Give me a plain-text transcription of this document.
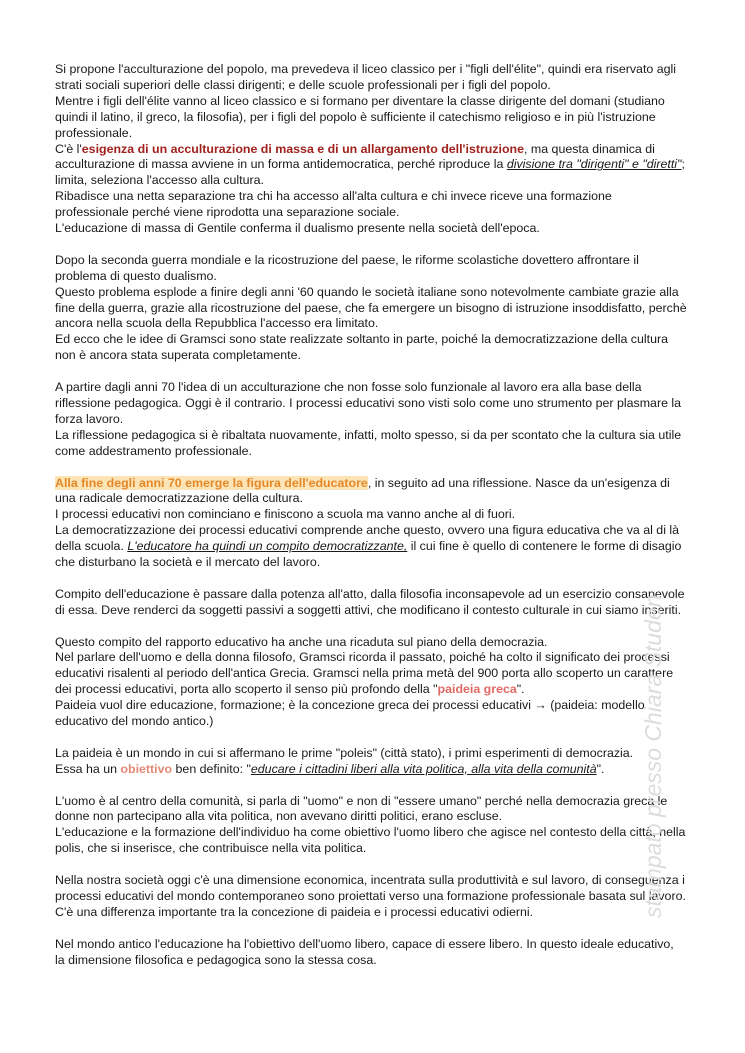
Si propone l'acculturazione del popolo, ma prevedeva il liceo classico per i "figli dell'élite", quindi era riservato agli

strati sociali superiori delle classi dirigenti; e delle scuole professionali per i figli del popolo.

Mentre i figli dell'élite vanno al liceo classico e si formano per diventare la classe dirigente del domani (studiano

quindi il latino, il greco, la filosofia), per i figli del popolo è sufficiente il catechismo religioso e in più l'istruzione

professionale.

C'è l'esigenza di un acculturazione di massa e di un allargamento dell'istruzione, ma questa dinamica di

acculturazione di massa avviene in un forma antidemocratica, perché riproduce la divisione tra "dirigenti" e "diretti";

limita, seleziona l'accesso alla cultura.

Ribadisce una netta separazione tra chi ha accesso all'alta cultura e chi invece riceve una formazione

professionale perché viene riprodotta una separazione sociale.

L'educazione di massa di Gentile conferma il dualismo presente nella società dell'epoca.

Dopo la seconda guerra mondiale e la ricostruzione del paese, le riforme scolastiche dovettero affrontare il

problema di questo dualismo.

Questo problema esplode a finire degli anni '60 quando le società italiane sono notevolmente cambiate grazie alla

fine della guerra, grazie alla ricostruzione del paese, che fa emergere un bisogno di istruzione insoddisfatto, perchè

ancora nella scuola della Repubblica l'accesso era limitato.

Ed ecco che le idee di Gramsci sono state realizzate soltanto in parte, poiché la democratizzazione della cultura

non è ancora stata superata completamente.

A partire dagli anni 70 l'idea di un acculturazione che non fosse solo funzionale al lavoro era alla base della

riflessione pedagogica. Oggi è il contrario. I processi educativi sono visti solo come uno strumento per plasmare la

forza lavoro.

La riflessione pedagogica si è ribaltata nuovamente, infatti, molto spesso, si da per scontato che la cultura sia utile

come addestramento professionale.

Alla fine degli anni 70 emerge la figura dell'educatore, in seguito ad una riflessione. Nasce da un'esigenza di

una radicale democratizzazione della cultura.

I processi educativi non cominciano e finiscono a scuola ma vanno anche al di fuori.

La democratizzazione dei processi educativi comprende anche questo, ovvero una figura educativa che va al di là

della scuola. L'educatore ha quindi un compito democratizzante, il cui fine è quello di contenere le forme di disagio

che disturbano la società e il mercato del lavoro.

Compito dell'educazione è passare dalla potenza all'atto, dalla filosofia inconsapevole ad un esercizio consapevole

di essa. Deve renderci da soggetti passivi a soggetti attivi, che modificano il contesto culturale in cui siamo inseriti.

Questo compito del rapporto educativo ha anche una ricaduta sul piano della democrazia.

Nel parlare dell'uomo e della donna filosofo, Gramsci ricorda il passato, poiché ha colto il significato dei processi

educativi risalenti al periodo dell'antica Grecia. Gramsci nella prima metà del 900 porta allo scoperto un carattere

dei processi educativi, porta allo scoperto il senso più profondo della "paideia greca".

Paideia vuol dire educazione, formazione; è la concezione greca dei processi educativi → (paideia: modello

educativo del mondo antico.)

La paideia è un mondo in cui si affermano le prime "poleis" (città stato), i primi esperimenti di democrazia.

Essa ha un obiettivo ben definito: "educare i cittadini liberi alla vita politica, alla vita della comunità".

L'uomo è al centro della comunità, si parla di "uomo" e non di "essere umano" perché nella democrazia greca le

donne non partecipano alla vita politica, non avevano diritti politici, erano escluse.

L'educazione e la formazione dell'individuo ha come obiettivo l'uomo libero che agisce nel contesto della città, nella

polis, che si inserisce, che contribuisce nella vita politica.

Nella nostra società oggi c'è una dimensione economica, incentrata sulla produttività e sul lavoro, di conseguenza i

processi educativi del mondo contemporaneo sono proiettati verso una formazione professionale basata sul lavoro.

C'è una differenza importante tra la concezione di paideia e i processi educativi odierni.

Nel mondo antico l'educazione ha l'obiettivo dell'uomo libero, capace di essere libero. In questo ideale educativo,

la dimensione filosofica e pedagogica sono la stessa cosa.

stampato presso Chiara Studen
